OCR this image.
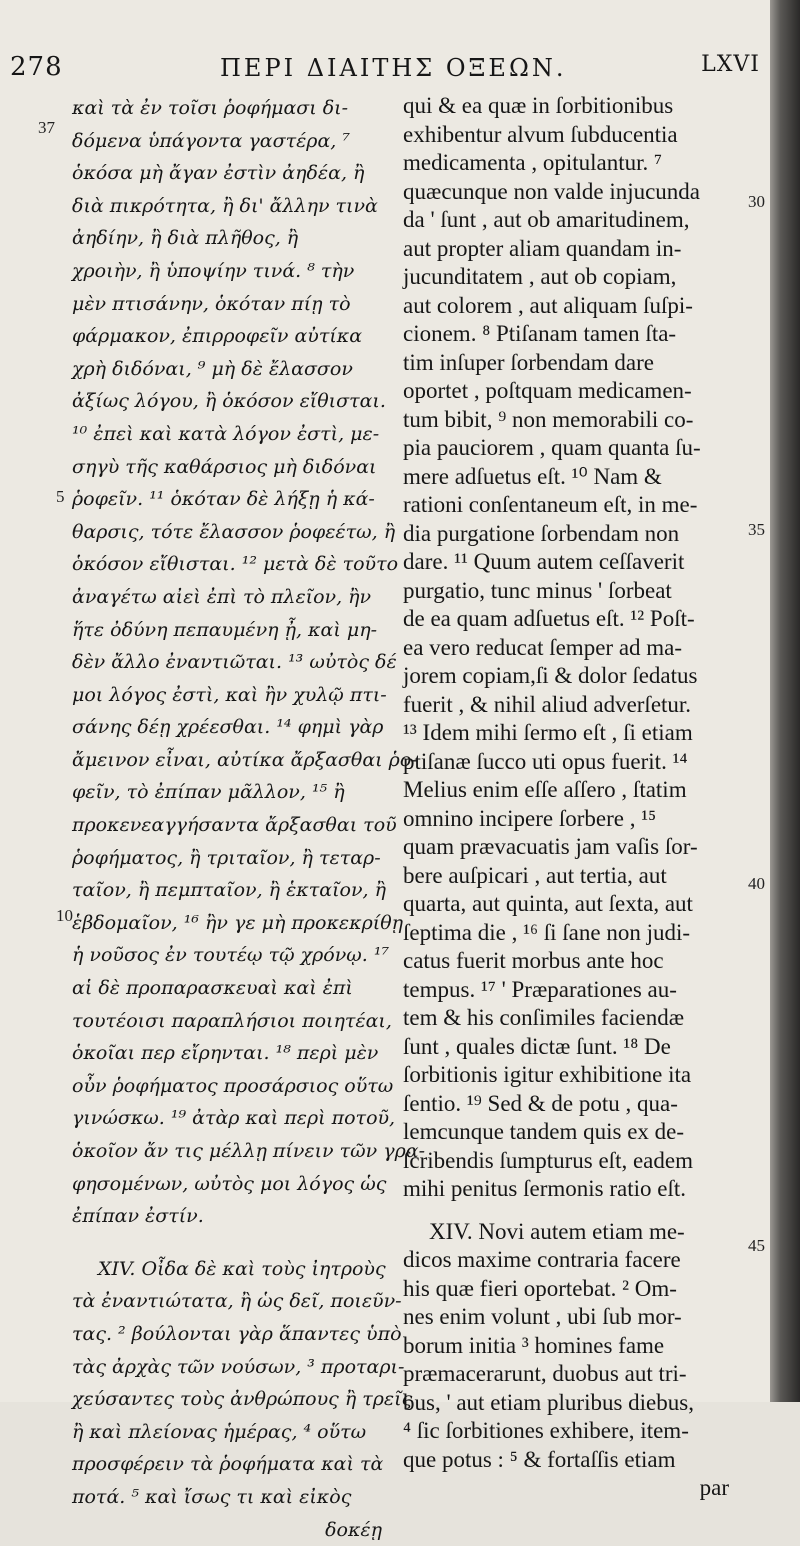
278	ΠΕΡΙ ΔΙΑΙΤΗΣ ΟΞΕΩΝ.	LXVI
37
5
10
30
35
40
45
καὶ τὰ ἐν τοῖσι ῥοφήμασι δι-
δόμενα ὑπάγοντα γαστέρα, ⁷
ὁκόσα μὴ ἄγαν ἐστὶν ἀηδέα, ἢ
διὰ πικρότητα, ἢ δι' ἄλλην τινὰ
ἀηδίην, ἢ διὰ πλῆθος, ἢ
χροιὴν, ἢ ὑποψίην τινά. ⁸ τὴν
μὲν πτισάνην, ὁκόταν πίῃ τὸ
φάρμακον, ἐπιρροφεῖν αὐτίκα
χρὴ διδόναι, ⁹ μὴ δὲ ἔλασσον
ἀξίως λόγου, ἢ ὁκόσον εἴθισται.
¹⁰ ἐπεὶ καὶ κατὰ λόγον ἐστὶ, με-
σηγὺ τῆς καθάρσιος μὴ διδόναι
ῥοφεῖν. ¹¹ ὁκόταν δὲ λήξῃ ἡ κά-
θαρσις, τότε ἔλασσον ῥοφεέτω, ἢ
ὁκόσον εἴθισται. ¹² μετὰ δὲ τοῦτο
ἀναγέτω αἰεὶ ἐπὶ τὸ πλεῖον, ἢν
ἥτε ὀδύνη πεπαυμένη ᾖ, καὶ μη-
δὲν ἄλλο ἐναντιῶται. ¹³ ωὐτὸς δέ
μοι λόγος ἐστὶ, καὶ ἢν χυλῷ πτι-
σάνης δέῃ χρέεσθαι. ¹⁴ φημὶ γὰρ
ἄμεινον εἶναι, αὐτίκα ἄρξασθαι ῥο-
φεῖν, τὸ ἐπίπαν μᾶλλον, ¹⁵ ἢ
προκενεαγγήσαντα ἄρξασθαι τοῦ
ῥοφήματος, ἢ τριταῖον, ἢ τεταρ-
ταῖον, ἢ πεμπταῖον, ἢ ἑκταῖον, ἢ
ἑβδομαῖον, ¹⁶ ἢν γε μὴ προκεκρίθῃ
ἡ νοῦσος ἐν τουτέῳ τῷ χρόνῳ. ¹⁷
αἱ δὲ προπαρασκευαὶ καὶ ἐπὶ
τουτέοισι παραπλήσιοι ποιητέαι,
ὁκοῖαι περ εἴρηνται. ¹⁸ περὶ μὲν
οὖν ῥοφήματος προσάρσιος οὕτω
γινώσκω. ¹⁹ ἀτὰρ καὶ περὶ ποτοῦ,
ὁκοῖον ἄν τις μέλλῃ πίνειν τῶν γρα-
φησομένων, ωὐτὸς μοι λόγος ὡς
ἐπίπαν ἐστίν.
XIV. Οἶδα δὲ καὶ τοὺς ἰητροὺς
τὰ ἐναντιώτατα, ἢ ὡς δεῖ, ποιεῦν-
τας. ² βούλονται γὰρ ἅπαντες ὑπὸ
τὰς ἀρχὰς τῶν νούσων, ³ προταρι-
χεύσαντες τοὺς ἀνθρώπους ἢ τρεῖς
ἢ καὶ πλείονας ἡμέρας, ⁴ οὕτω
προσφέρειν τὰ ῥοφήματα καὶ τὰ
ποτά. ⁵ καὶ ἴσως τι καὶ εἰκὸς
δοκέῃ
qui & ea quæ in ſorbitionibus
exhibentur alvum ſubducentia
medicamenta , opitulantur. ⁷
quæcunque non valde injucunda
da ' ſunt , aut ob amaritudinem,
aut propter aliam quandam in-
jucunditatem , aut ob copiam,
aut colorem , aut aliquam ſuſpi-
cionem. ⁸ Ptiſanam tamen ſta-
tim inſuper ſorbendam dare
oportet , poſtquam medicamen-
tum bibit, ⁹ non memorabili co-
pia pauciorem , quam quanta ſu-
mere adſuetus eſt. ¹⁰ Nam &
rationi conſentaneum eſt, in me-
dia purgatione ſorbendam non
dare. ¹¹ Quum autem ceſſaverit
purgatio, tunc minus ' ſorbeat
de ea quam adſuetus eſt. ¹² Poſt-
ea vero reducat ſemper ad ma-
jorem copiam,ſi & dolor ſedatus
fuerit , & nihil aliud adverſetur.
¹³ Idem mihi ſermo eſt , ſi etiam
ptiſanæ ſucco uti opus fuerit. ¹⁴
Melius enim eſſe aſſero , ſtatim
omnino incipere ſorbere , ¹⁵
quam prævacuatis jam vaſis ſor-
bere auſpicari , aut tertia, aut
quarta, aut quinta, aut ſexta, aut
ſeptima die , ¹⁶ ſi ſane non judi-
catus fuerit morbus ante hoc
tempus. ¹⁷ ' Præparationes au-
tem & his conſimiles faciendæ
ſunt , quales dictæ ſunt. ¹⁸ De
ſorbitionis igitur exhibitione ita
ſentio. ¹⁹ Sed & de potu , qua-
lemcunque tandem quis ex de-
ſcribendis ſumpturus eſt, eadem
mihi penitus ſermonis ratio eſt.
XIV. Novi autem etiam me-
dicos maxime contraria facere
his quæ fieri oportebat. ² Om-
nes enim volunt , ubi ſub mor-
borum initia ³ homines fame
præmacerarunt, duobus aut tri-
bus, ' aut etiam pluribus diebus,
⁴ ſic ſorbitiones exhibere, item-
que potus : ⁵ & fortaſſis etiam
par
